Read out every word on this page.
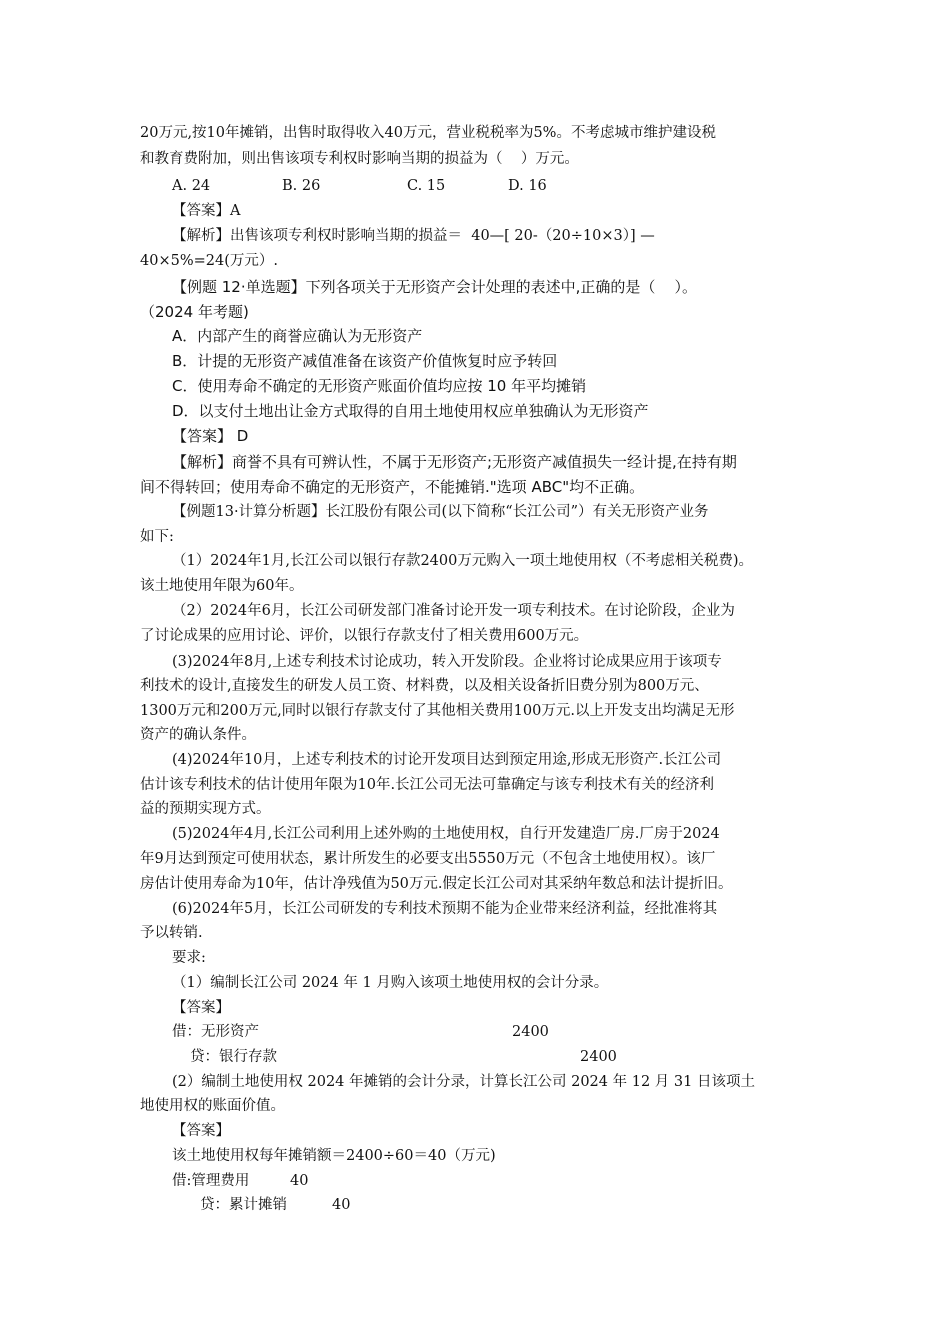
20万元,按10年摊销，出售时取得收入40万元，营业税税率为5%。不考虑城市维护建设税
和教育费附加，则出售该项专利权时影响当期的损益为（    ）万元。
A. 24	B. 26	C. 15	D. 16
【答案】A
【解析】出售该项专利权时影响当期的损益＝  40—[ 20-（20÷10×3）] —
40×5%=24(万元）.
【例题 12·单选题】下列各项关于无形资产会计处理的表述中,正确的是（    ）。
（2024 年考题)
A．内部产生的商誉应确认为无形资产
B．计提的无形资产减值准备在该资产价值恢复时应予转回
C．使用寿命不确定的无形资产账面价值均应按 10 年平均摊销
D．以支付土地出让金方式取得的自用土地使用权应单独确认为无形资产
【答案】 D
【解析】商誉不具有可辨认性，不属于无形资产;无形资产减值损失一经计提,在持有期
间不得转回；使用寿命不确定的无形资产，不能摊销."选项 ABC"均不正确。
【例题13·计算分析题】长江股份有限公司(以下简称“长江公司”）有关无形资产业务
如下:
（1）2024年1月,长江公司以银行存款2400万元购入一项土地使用权（不考虑相关税费)。
该土地使用年限为60年。
（2）2024年6月，长江公司研发部门准备讨论开发一项专利技术。在讨论阶段，企业为
了讨论成果的应用讨论、评价，以银行存款支付了相关费用600万元。
(3)2024年8月,上述专利技术讨论成功，转入开发阶段。企业将讨论成果应用于该项专
利技术的设计,直接发生的研发人员工资、材料费，以及相关设备折旧费分别为800万元、
1300万元和200万元,同时以银行存款支付了其他相关费用100万元.以上开发支出均满足无形
资产的确认条件。
(4)2024年10月，上述专利技术的讨论开发项目达到预定用途,形成无形资产.长江公司
估计该专利技术的估计使用年限为10年.长江公司无法可靠确定与该专利技术有关的经济利
益的预期实现方式。
(5)2024年4月,长江公司利用上述外购的土地使用权，自行开发建造厂房.厂房于2024
年9月达到预定可使用状态，累计所发生的必要支出5550万元（不包含土地使用权）。该厂
房估计使用寿命为10年，估计净残值为50万元.假定长江公司对其采纳年数总和法计提折旧。
(6)2024年5月，长江公司研发的专利技术预期不能为企业带来经济利益，经批准将其
予以转销.
要求:
（1）编制长江公司 2024 年 1 月购入该项土地使用权的会计分录。
【答案】
借：无形资产	2400
贷：银行存款	2400
(2）编制土地使用权 2024 年摊销的会计分录，计算长江公司 2024 年 12 月 31 日该项土
地使用权的账面价值。
【答案】
该土地使用权每年摊销额＝2400÷60＝40（万元)
借:管理费用	40
贷：累计摊销	40
